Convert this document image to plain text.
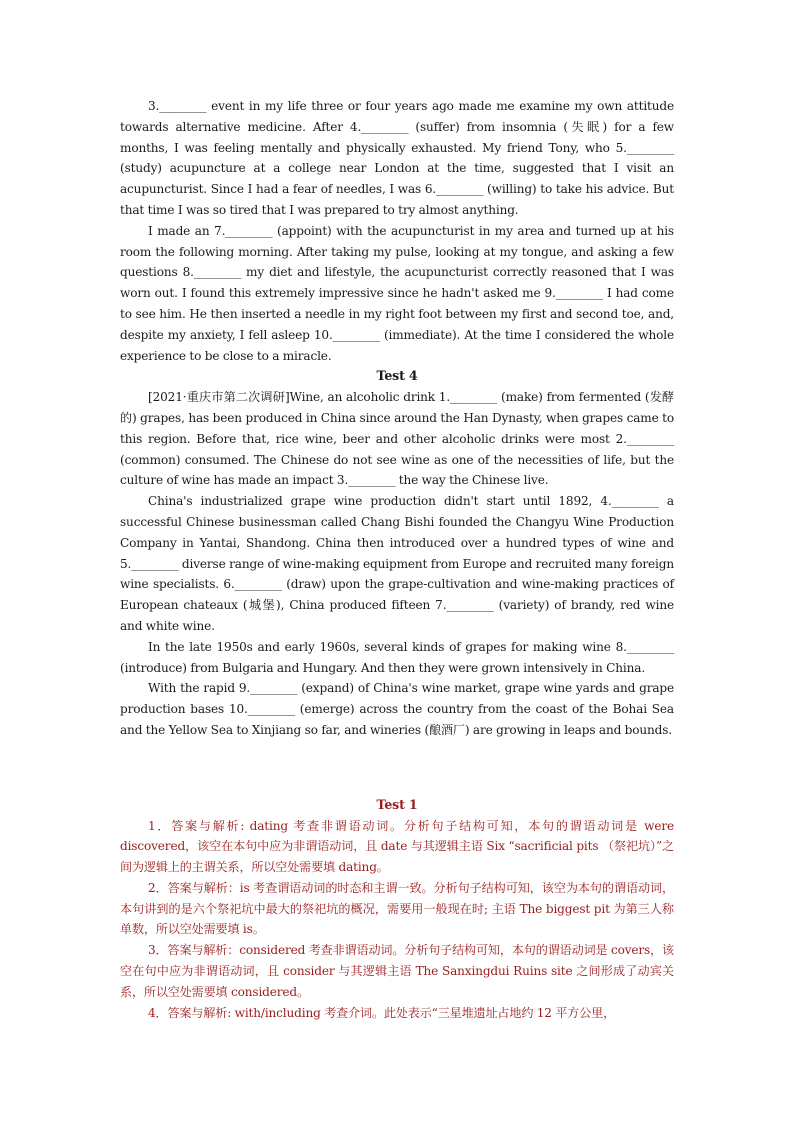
3.________ event in my life three or four years ago made me examine my own attitude towards alternative medicine. After 4.________ (suffer) from insomnia (失眠) for a few months, I was feeling mentally and physically exhausted. My friend Tony, who 5.________ (study) acupuncture at a college near London at the time, suggested that I visit an acupuncturist. Since I had a fear of needles, I was 6.________ (willing) to take his advice. But that time I was so tired that I was prepared to try almost anything.

I made an 7.________ (appoint) with the acupuncturist in my area and turned up at his room the following morning. After taking my pulse, looking at my tongue, and asking a few questions 8.________ my diet and lifestyle, the acupuncturist correctly reasoned that I was worn out. I found this extremely impressive since he hadn't asked me 9.________ I had come to see him. He then inserted a needle in my right foot between my first and second toe, and, despite my anxiety, I fell asleep 10.________ (immediate). At the time I considered the whole experience to be close to a miracle.

Test 4

[2021·重庆市第二次调研]Wine, an alcoholic drink 1.________ (make) from fermented (发酵的) grapes, has been produced in China since around the Han Dynasty, when grapes came to this region. Before that, rice wine, beer and other alcoholic drinks were most 2.________ (common) consumed. The Chinese do not see wine as one of the necessities of life, but the culture of wine has made an impact 3.________ the way the Chinese live.

China's industrialized grape wine production didn't start until 1892, 4.________ a successful Chinese businessman called Chang Bishi founded the Changyu Wine Production Company in Yantai, Shandong. China then introduced over a hundred types of wine and 5.________ diverse range of wine-making equipment from Europe and recruited many foreign wine specialists. 6.________ (draw) upon the grape-cultivation and wine-making practices of European chateaux (城堡), China produced fifteen 7.________ (variety) of brandy, red wine and white wine.

In the late 1950s and early 1960s, several kinds of grapes for making wine 8.________ (introduce) from Bulgaria and Hungary. And then they were grown intensively in China.

With the rapid 9.________ (expand) of China's wine market, grape wine yards and grape production bases 10.________ (emerge) across the country from the coast of the Bohai Sea and the Yellow Sea to Xinjiang so far, and wineries (酿酒厂) are growing in leaps and bounds.

Test 1

1．答案与解析: dating 考查非谓语动词。分析句子结构可知，本句的谓语动词是 were discovered，该空在本句中应为非谓语动词，且 date 与其逻辑主语 Six “sacrificial pits （祭祀坑）”之间为逻辑上的主谓关系，所以空处需要填 dating。

2．答案与解析：is 考查谓语动词的时态和主谓一致。分析句子结构可知，该空为本句的谓语动词，本句讲到的是六个祭祀坑中最大的祭祀坑的概况，需要用一般现在时; 主语 The biggest pit 为第三人称单数，所以空处需要填 is。

3．答案与解析：considered 考查非谓语动词。分析句子结构可知，本句的谓语动词是 covers，该空在句中应为非谓语动词，且 consider 与其逻辑主语 The Sanxingdui Ruins site 之间形成了动宾关系，所以空处需要填 considered。

4．答案与解析: with/including 考查介词。此处表示“三星堆遗址占地约 12 平方公里，
